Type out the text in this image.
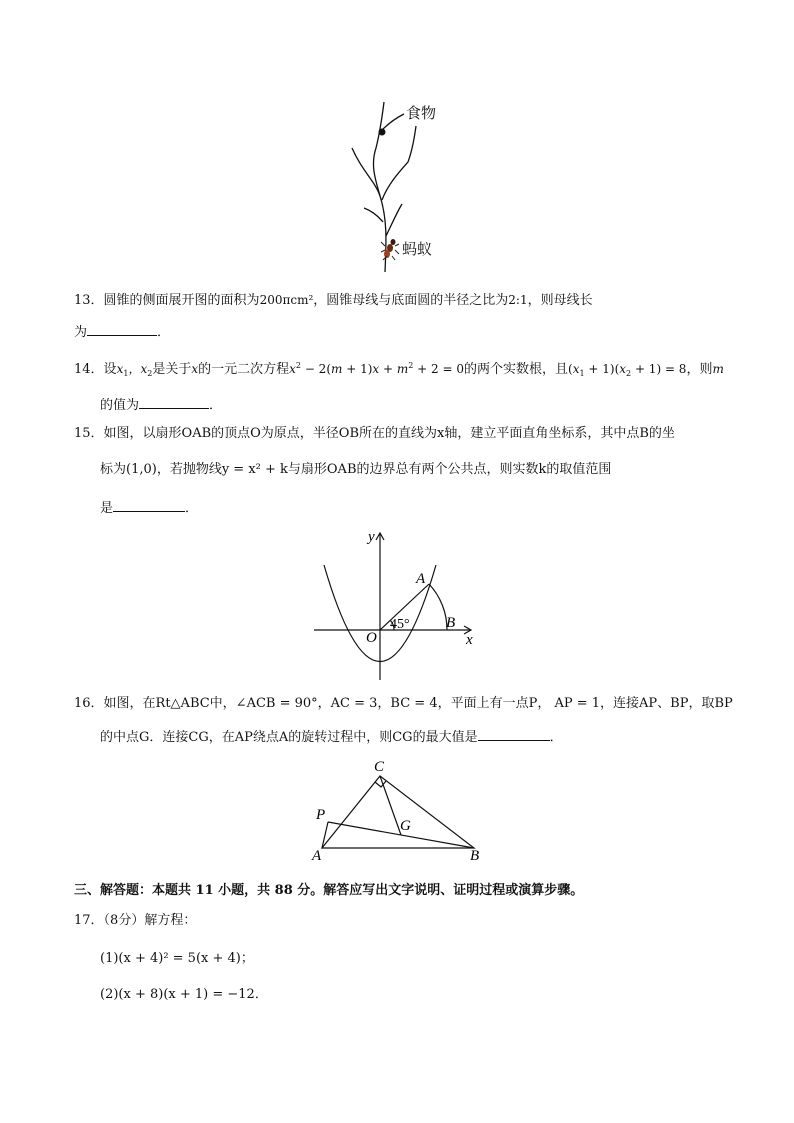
食物
蚂蚁
13．圆锥的侧面展开图的面积为200πcm²，圆锥母线与底面圆的半径之比为2:1，则母线长
为	．
14．设$x_1$，$x_2$是关于x的一元二次方程$x^2 - 2(m + 1)x + m^2 + 2 = 0$的两个实数根，且$(x_1 + 1)(x_2 + 1) = 8$，则m
的值为	．
15．如图，以扇形OAB的顶点O为原点，半径OB所在的直线为x轴，建立平面直角坐标系，其中点B的坐
标为(1,0)，若抛物线y = x² + k与扇形OAB的边界总有两个公共点，则实数k的取值范围
是	．
y
x
O
A
B
45°
16．如图，在Rt△ABC中，∠ACB = 90°，AC = 3，BC = 4，平面上有一点P， AP = 1，连接AP、BP，取BP
的中点G．连接CG，在AP绕点A的旋转过程中，则CG的最大值是	．
C
P
G
A	B
三、解答题：本题共 11 小题，共 88 分。解答应写出文字说明、证明过程或演算步骤。
17．（8分）解方程：
(1)(x + 4)² = 5(x + 4)；
(2)(x + 8)(x + 1) = −12．
